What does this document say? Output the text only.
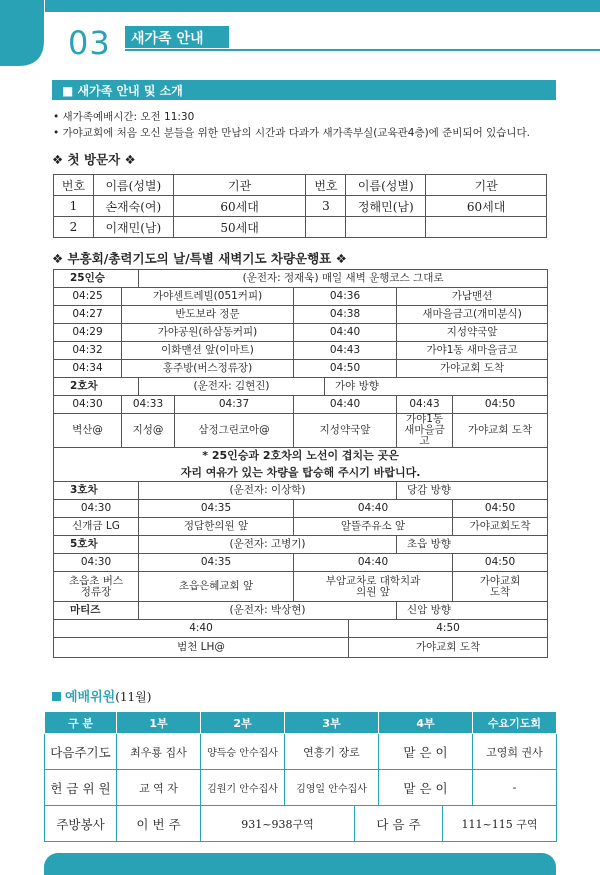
03	새가족 안내
■ 새가족 안내 및 소개
• 새가족예배시간: 오전 11:30
• 가야교회에 처음 오신 분들을 위한 만남의 시간과 다과가 새가족부실(교육관4층)에 준비되어 있습니다.
❖ 첫 방문자 ❖
번호	이름(성별)	기관	번호	이름(성별)	기관
1	손재숙(여)	60세대	3	정해민(남)	60세대
2	이재민(남)	50세대			
❖ 부흥회/총력기도의 날/특별 새벽기도 차량운행표 ❖
25인승		(운전자: 정재욱) 매일 새벽 운행코스 그대로						
04:25	가야센트레빌(051커피)			04:36			가남맨션	
04:27	반도보라 정문			04:38			새마을금고(개미분식)	
04:29	가야공원(하삼동커피)			04:40			지성약국앞	
04:32	이화맨션 앞(이마트)			04:43			가야1동 새마을금고	
04:34	홍주방(버스정류장)			04:50			가야교회 도착	
2호차		(운전자: 김현진)			가야 방향			
04:30	04:33		04:37	04:40			04:43	04:50
벽산@	지성@		삼정그린코아@	지성약국앞			가야1동 새마을금고	가야교회 도착

* 25인승과 2호차의 노선이 겹치는 곳은
자리 여유가 있는 차량을 탑승해 주시기 바랍니다.								

3호차		(운전자: 이상학)					당감 방향	
04:30		04:35		04:40				04:50
신개금 LG		정담한의원 앞		알뜰주유소 앞				가야교회도착
5호차		(운전자: 고병기)					초읍 방향	
04:30		04:35		04:40				04:50
초읍초 버스정류장		초읍은혜교회 앞		부암교차로 대학치과의원 앞				가야교회 도착
마티즈		(운전자: 박상현)					신암 방향	
4:40						4:50		
범천 LH@						가야교회 도착		
예배위원(11월)
구 분	1부	2부	3부		4부		수요기도회
다음주기도	최우룡 집사	양득승 안수집사	연흥기 장로		맡 은 이		고영희 권사
헌 금 위 원	교 역 자	김원기 안수집사	김영일 안수집사		맡 은 이		-
주방봉사	이 번 주	931~938구역		다 음 주		111~115 구역	
